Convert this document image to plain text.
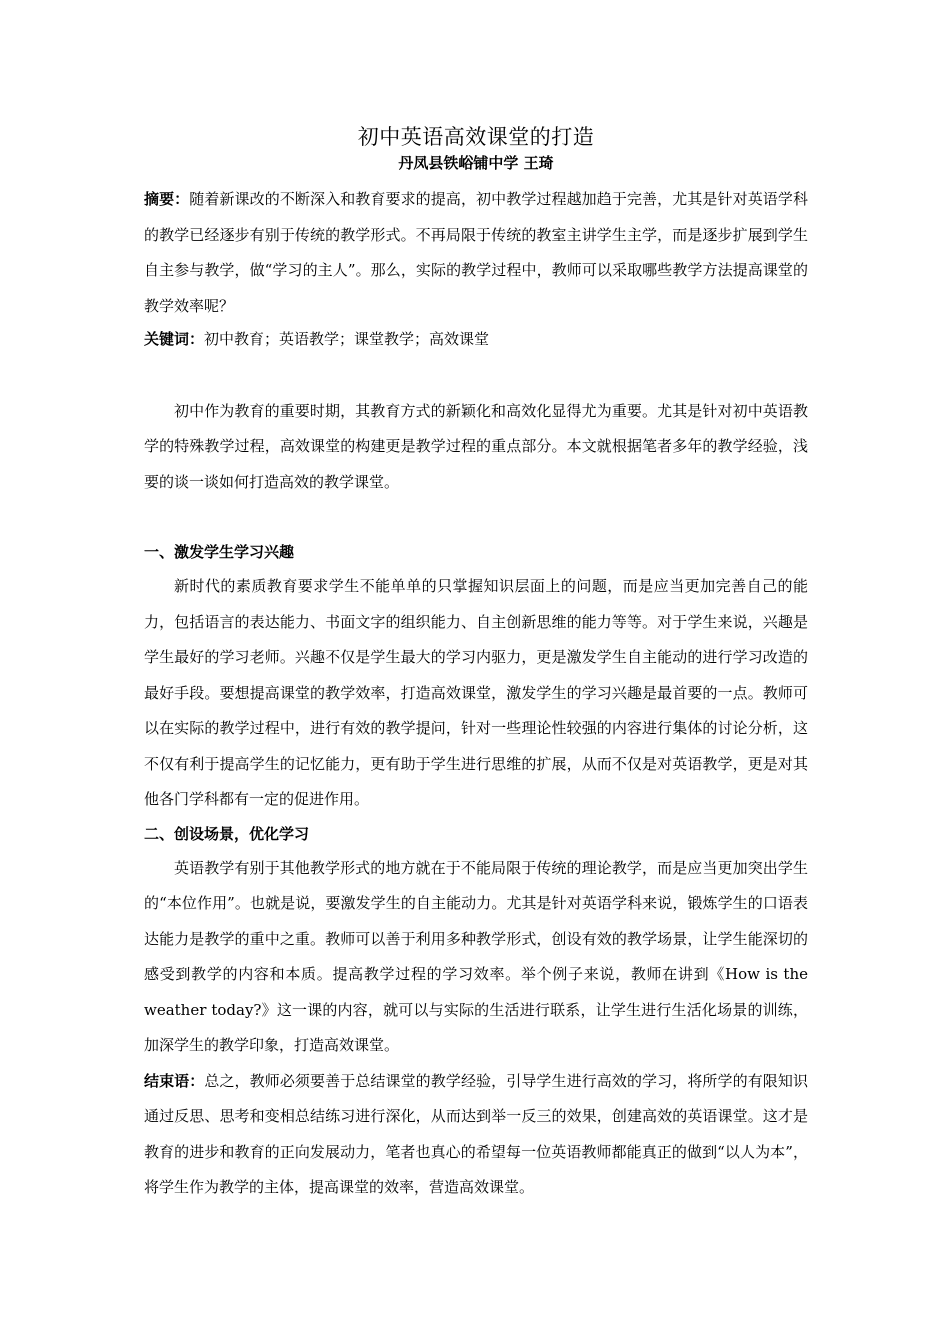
初中英语高效课堂的打造
丹凤县铁峪铺中学 王琦

摘要：随着新课改的不断深入和教育要求的提高，初中教学过程越加趋于完善，尤其是针对英语学科的教学已经逐步有别于传统的教学形式。不再局限于传统的教室主讲学生主学，而是逐步扩展到学生自主参与教学，做“学习的主人”。那么，实际的教学过程中，教师可以采取哪些教学方法提高课堂的教学效率呢？

关键词：初中教育；英语教学；课堂教学；高效课堂

初中作为教育的重要时期，其教育方式的新颖化和高效化显得尤为重要。尤其是针对初中英语教学的特殊教学过程，高效课堂的构建更是教学过程的重点部分。本文就根据笔者多年的教学经验，浅要的谈一谈如何打造高效的教学课堂。

一、激发学生学习兴趣

新时代的素质教育要求学生不能单单的只掌握知识层面上的问题，而是应当更加完善自己的能力，包括语言的表达能力、书面文字的组织能力、自主创新思维的能力等等。对于学生来说，兴趣是学生最好的学习老师。兴趣不仅是学生最大的学习内驱力，更是激发学生自主能动的进行学习改造的最好手段。要想提高课堂的教学效率，打造高效课堂，激发学生的学习兴趣是最首要的一点。教师可以在实际的教学过程中，进行有效的教学提问，针对一些理论性较强的内容进行集体的讨论分析，这不仅有利于提高学生的记忆能力，更有助于学生进行思维的扩展，从而不仅是对英语教学，更是对其他各门学科都有一定的促进作用。

二、创设场景，优化学习

英语教学有别于其他教学形式的地方就在于不能局限于传统的理论教学，而是应当更加突出学生的“本位作用”。也就是说，要激发学生的自主能动力。尤其是针对英语学科来说，锻炼学生的口语表达能力是教学的重中之重。教师可以善于利用多种教学形式，创设有效的教学场景，让学生能深切的感受到教学的内容和本质。提高教学过程的学习效率。举个例子来说，教师在讲到《How is the weather today?》这一课的内容，就可以与实际的生活进行联系，让学生进行生活化场景的训练，加深学生的教学印象，打造高效课堂。

结束语：总之，教师必须要善于总结课堂的教学经验，引导学生进行高效的学习，将所学的有限知识通过反思、思考和变相总结练习进行深化，从而达到举一反三的效果，创建高效的英语课堂。这才是教育的进步和教育的正向发展动力，笔者也真心的希望每一位英语教师都能真正的做到“以人为本”，将学生作为教学的主体，提高课堂的效率，营造高效课堂。
